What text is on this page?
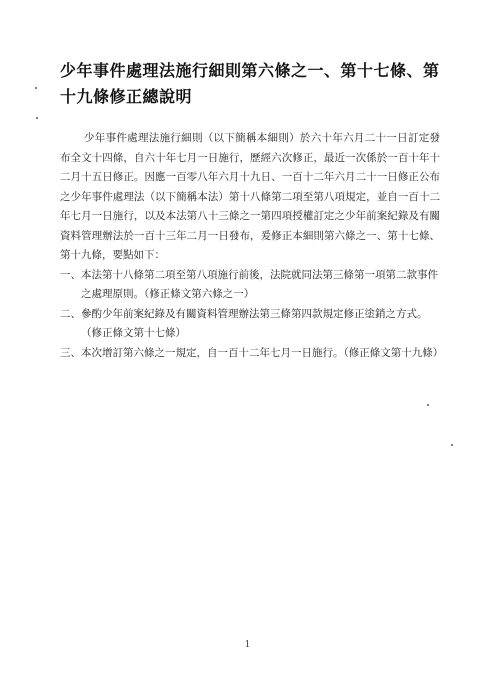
少年事件處理法施行細則第六條之一、第十七條、第十九條修正總說明

少年事件處理法施行細則（以下簡稱本細則）於六十年六月二十一日訂定發布全文十四條，自六十年七月一日施行，歷經六次修正，最近一次係於一百十年十二月十五日修正。因應一百零八年六月十九日、一百十二年六月二十一日修正公布之少年事件處理法（以下簡稱本法）第十八條第二項至第八項規定，並自一百十二年七月一日施行，以及本法第八十三條之一第四項授權訂定之少年前案紀錄及有關資料管理辦法於一百十三年二月一日發布，爰修正本細則第六條之一、第十七條、第十九條，要點如下：

一、 本法第十八條第二項至第八項施行前後，法院就同法第三條第一項第二款事件之處理原則。（修正條文第六條之一）
二、 參酌少年前案紀錄及有關資料管理辦法第三條第四款規定修正塗銷之方式。（修正條文第十七條）
三、 本次增訂第六條之一規定，自一百十二年七月一日施行。（修正條文第十九條）
1
